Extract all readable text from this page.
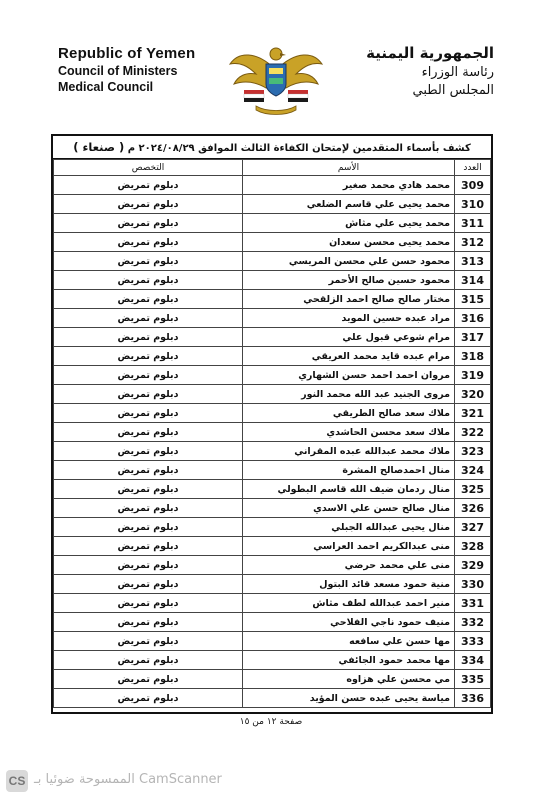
Republic of Yemen
Council of Ministers
Medical Council
الجمهورية اليمنية
رئاسة الوزراء
المجلس الطبي
كشف بأسماء المتقدمين لإمتحان الكفاءة الثالث الموافق ٢٠٢٤/٠٨/٢٩ م ( صنعاء )
العدد	الأسم	التخصص
309	محمد هادي محمد صغير	دبلوم تمريض
310	محمد يحيى علي قاسم الضلعي	دبلوم تمريض
311	محمد يحيى علي مثاش	دبلوم تمريض
312	محمد يحيى محسن سعدان	دبلوم تمريض
313	محمود حسن علي محسن المريسي	دبلوم تمريض
314	محمود حسين صالح الأحمر	دبلوم تمريض
315	مختار صالح صالح احمد الزلقحي	دبلوم تمريض
316	مراد عبده حسين المويد	دبلوم تمريض
317	مرام شوعي قبول علي	دبلوم تمريض
318	مرام عبده قايد محمد العريقي	دبلوم تمريض
319	مروان احمد احمد حسن الشهاري	دبلوم تمريض
320	مروى الجنيد عبد الله محمد النور	دبلوم تمريض
321	ملاك سعد صالح الطريقي	دبلوم تمريض
322	ملاك سعد محسن الحاشدي	دبلوم تمريض
323	ملاك محمد عبدالله عبده المقراني	دبلوم تمريض
324	منال احمدصالح المشرة	دبلوم تمريض
325	منال ردمان ضيف الله قاسم البطولي	دبلوم تمريض
326	منال صالح حسن علي الاسدي	دبلوم تمريض
327	منال يحيى عبدالله الجبلي	دبلوم تمريض
328	منى عبدالكريم احمد العراسي	دبلوم تمريض
329	منى علي محمد حرضي	دبلوم تمريض
330	منية حمود مسعد قائد البتول	دبلوم تمريض
331	منير احمد عبدالله لطف مثاش	دبلوم تمريض
332	منيف حمود ناجي الفلاحي	دبلوم تمريض
333	مها حسن علي سافعه	دبلوم تمريض
334	مها محمد حمود الجائفي	دبلوم تمريض
335	مي محسن علي هزاوه	دبلوم تمريض
336	مياسة يحيى عبده حسن المؤيد	دبلوم تمريض
صفحة ١٢ من ١٥
CS الممسوحة ضوئيا بـ CamScanner
